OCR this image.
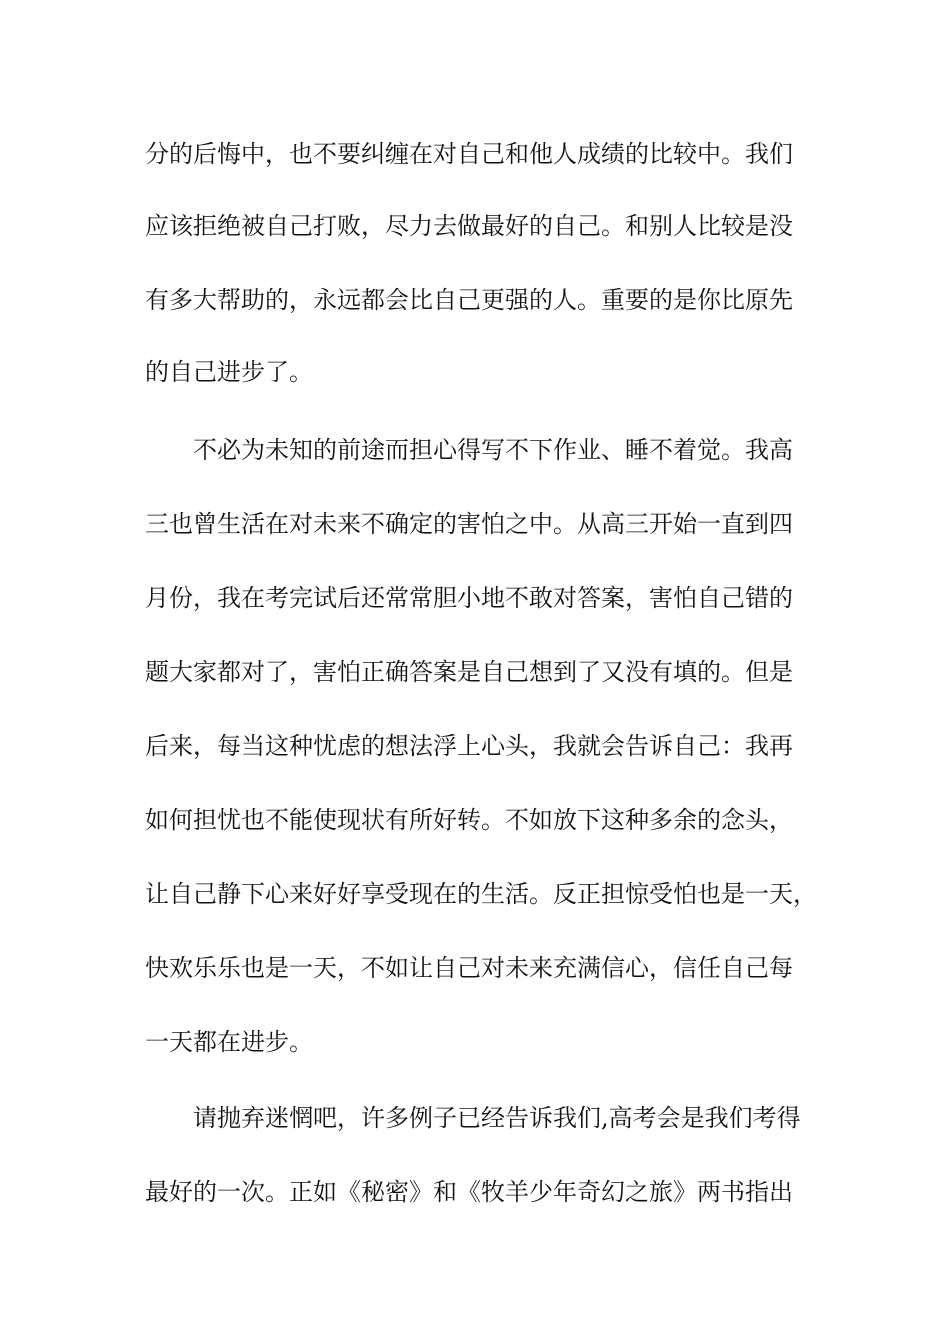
分的后悔中，也不要纠缠在对自己和他人成绩的比较中。我们
应该拒绝被自己打败，尽力去做最好的自己。和别人比较是没
有多大帮助的，永远都会比自己更强的人。重要的是你比原先
的自己进步了。
不必为未知的前途而担心得写不下作业、睡不着觉。我高
三也曾生活在对未来不确定的害怕之中。从高三开始一直到四
月份，我在考完试后还常常胆小地不敢对答案，害怕自己错的
题大家都对了，害怕正确答案是自己想到了又没有填的。但是
后来，每当这种忧虑的想法浮上心头，我就会告诉自己：我再
如何担忧也不能使现状有所好转。不如放下这种多余的念头，
让自己静下心来好好享受现在的生活。反正担惊受怕也是一天，
快欢乐乐也是一天，不如让自己对未来充满信心，信任自己每
一天都在进步。
请抛弃迷惘吧，许多例子已经告诉我们,高考会是我们考得
最好的一次。正如《秘密》和《牧羊少年奇幻之旅》两书指出
